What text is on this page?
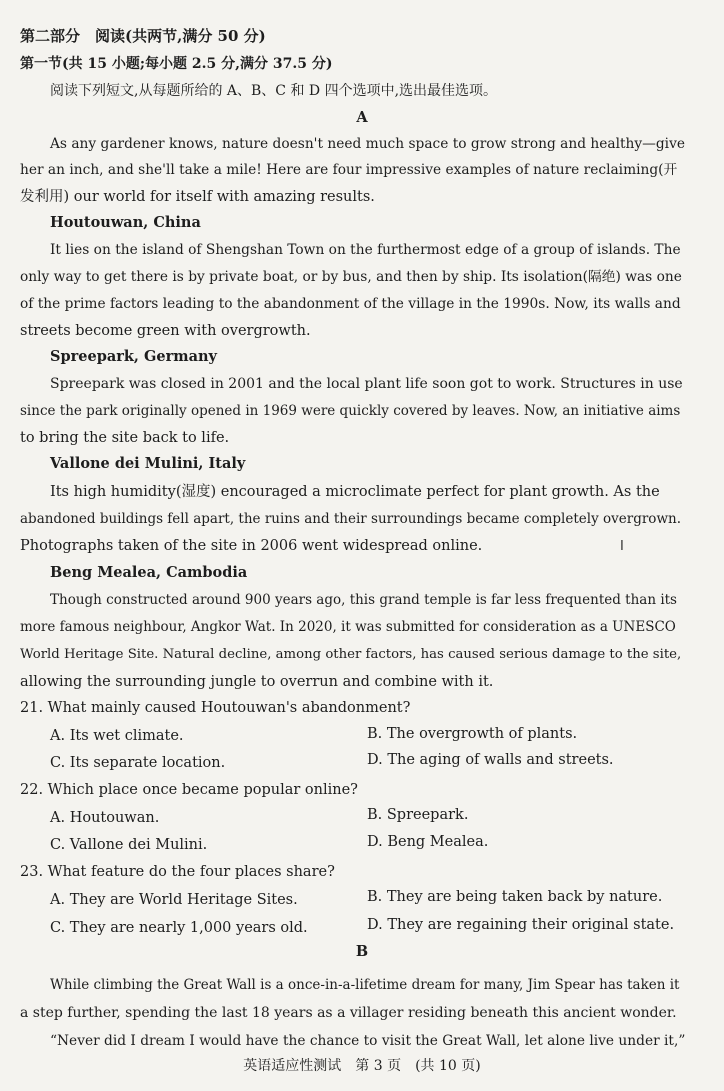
第二部分　阅读(共两节,满分 50 分)
第一节(共 15 小题;每小题 2.5 分,满分 37.5 分)
阅读下列短文,从每题所给的 A、B、C 和 D 四个选项中,选出最佳选项。
A
As any gardener knows, nature doesn't need much space to grow strong and healthy—give
her an inch, and she'll take a mile! Here are four impressive examples of nature reclaiming(开
发利用) our world for itself with amazing results.
Houtouwan, China
It lies on the island of Shengshan Town on the furthermost edge of a group of islands. The
only way to get there is by private boat, or by bus, and then by ship. Its isolation(隔绝) was one
of the prime factors leading to the abandonment of the village in the 1990s. Now, its walls and
streets become green with overgrowth.
Spreepark, Germany
Spreepark was closed in 2001 and the local plant life soon got to work. Structures in use
since the park originally opened in 1969 were quickly covered by leaves. Now, an initiative aims
to bring the site back to life.
Vallone dei Mulini, Italy
Its high humidity(湿度) encouraged a microclimate perfect for plant growth. As the
abandoned buildings fell apart, the ruins and their surroundings became completely overgrown.
Photographs taken of the site in 2006 went widespread online.	I
Beng Mealea, Cambodia
Though constructed around 900 years ago, this grand temple is far less frequented than its
more famous neighbour, Angkor Wat. In 2020, it was submitted for consideration as a UNESCO
World Heritage Site. Natural decline, among other factors, has caused serious damage to the site,
allowing the surrounding jungle to overrun and combine with it.
21. What mainly caused Houtouwan's abandonment?
A. Its wet climate.	B. The overgrowth of plants.
C. Its separate location.	D. The aging of walls and streets.
22. Which place once became popular online?
A. Houtouwan.	B. Spreepark.
C. Vallone dei Mulini.	D. Beng Mealea.
23. What feature do the four places share?
A. They are World Heritage Sites.	B. They are being taken back by nature.
C. They are nearly 1,000 years old.	D. They are regaining their original state.
B
While climbing the Great Wall is a once-in-a-lifetime dream for many, Jim Spear has taken it
a step further, spending the last 18 years as a villager residing beneath this ancient wonder.
“Never did I dream I would have the chance to visit the Great Wall, let alone live under it,”
英语适应性测试　第 3 页　(共 10 页)
